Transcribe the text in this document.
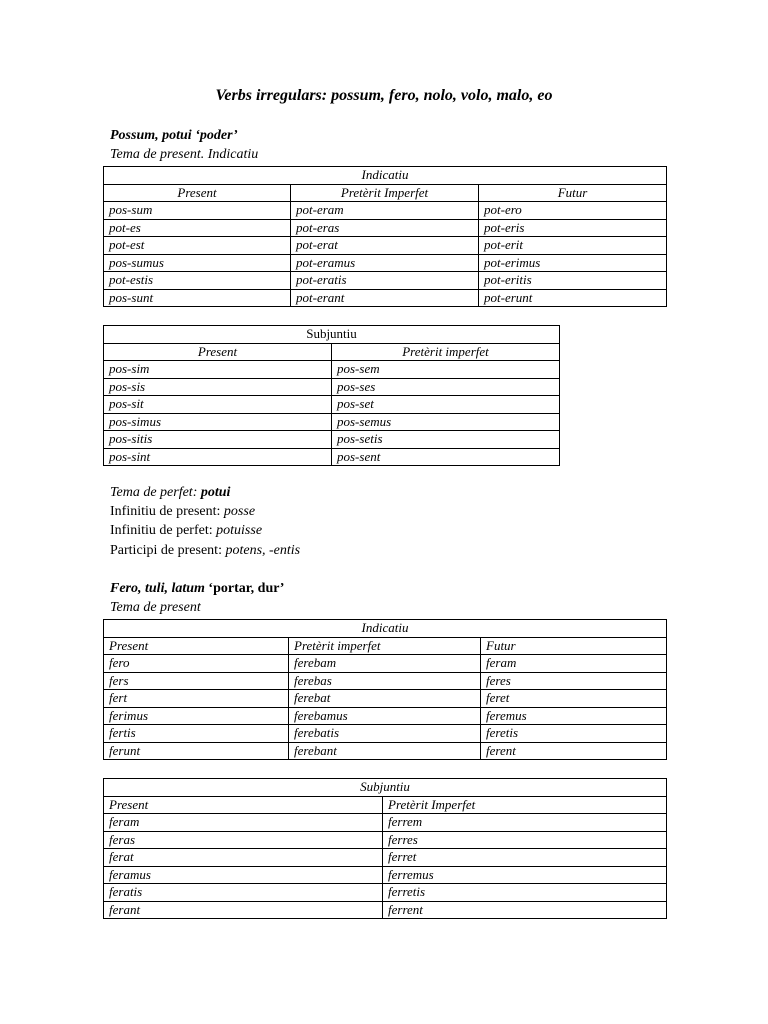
Verbs irregulars: possum, fero, nolo, volo, malo, eo
Possum, potui ‘poder’
Tema de present. Indicatiu
Indicatiu		
Present	Pretèrit Imperfet	Futur
pos-sum	pot-eram	pot-ero
pot-es	pot-eras	pot-eris
pot-est	pot-erat	pot-erit
pos-sumus	pot-eramus	pot-erimus
pot-estis	pot-eratis	pot-eritis
pos-sunt	pot-erant	pot-erunt
Subjuntiu	
Present	Pretèrit imperfet
pos-sim	pos-sem
pos-sis	pos-ses
pos-sit	pos-set
pos-simus	pos-semus
pos-sitis	pos-setis
pos-sint	pos-sent
Tema de perfet: potui
Infinitiu de present: posse
Infinitiu de perfet: potuisse
Participi de present: potens, -entis
Fero, tuli, latum ‘portar, dur’
Tema de present
Indicatiu		
Present	Pretèrit imperfet	Futur
fero	ferebam	feram
fers	ferebas	feres
fert	ferebat	feret
ferimus	ferebamus	feremus
fertis	ferebatis	feretis
ferunt	ferebant	ferent
Subjuntiu	
Present	Pretèrit Imperfet
feram	ferrem
feras	ferres
ferat	ferret
feramus	ferremus
feratis	ferretis
ferant	ferrent
